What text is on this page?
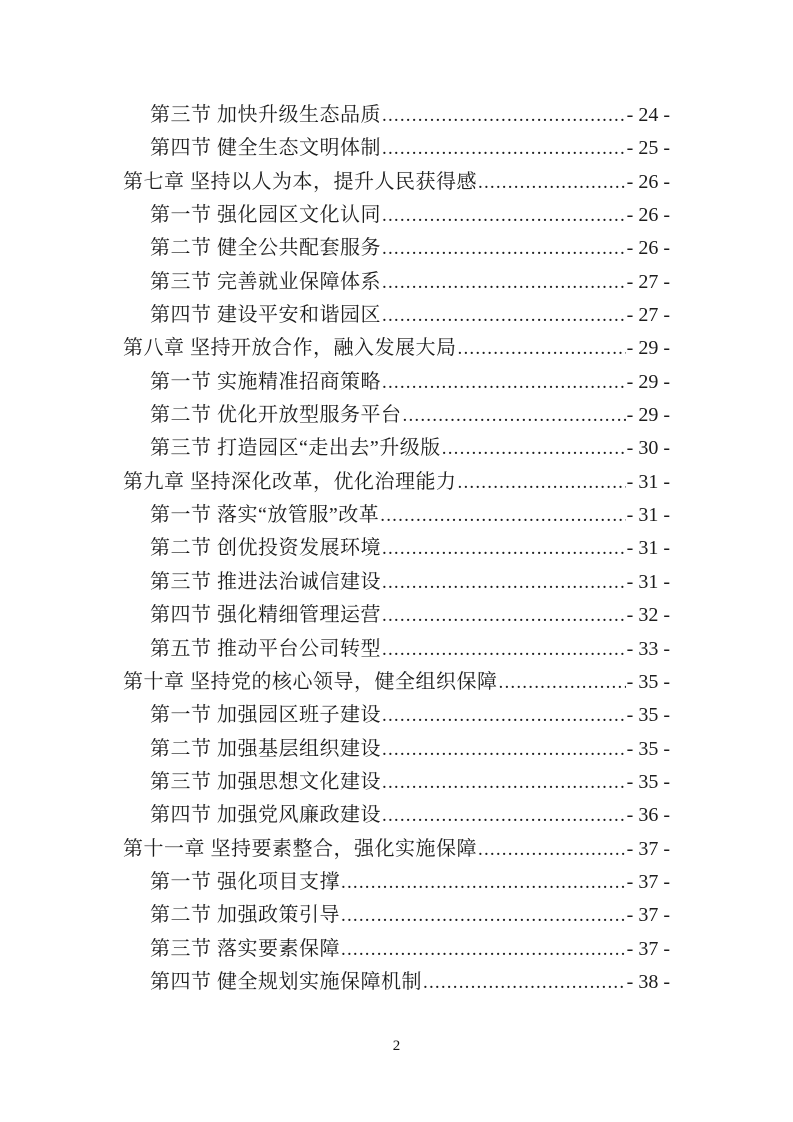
第三节 加快升级生态品质 .....	- 24 -
第四节 健全生态文明体制 .....	- 25 -
第七章 坚持以人为本，提升人民获得感 .....	- 26 -
第一节 强化园区文化认同 .....	- 26 -
第二节 健全公共配套服务 .....	- 26 -
第三节 完善就业保障体系 .....	- 27 -
第四节 建设平安和谐园区 .....	- 27 -
第八章 坚持开放合作，融入发展大局 .....	- 29 -
第一节 实施精准招商策略 .....	- 29 -
第二节 优化开放型服务平台 .....	- 29 -
第三节 打造园区“走出去”升级版 .....	- 30 -
第九章 坚持深化改革，优化治理能力 .....	- 31 -
第一节 落实“放管服”改革 .....	- 31 -
第二节 创优投资发展环境 .....	- 31 -
第三节 推进法治诚信建设 .....	- 31 -
第四节 强化精细管理运营 .....	- 32 -
第五节 推动平台公司转型 .....	- 33 -
第十章 坚持党的核心领导，健全组织保障 .....	- 35 -
第一节 加强园区班子建设 .....	- 35 -
第二节 加强基层组织建设 .....	- 35 -
第三节 加强思想文化建设 .....	- 35 -
第四节 加强党风廉政建设 .....	- 36 -
第十一章 坚持要素整合，强化实施保障 .....	- 37 -
第一节 强化项目支撑 .....	- 37 -
第二节 加强政策引导 .....	- 37 -
第三节 落实要素保障 .....	- 37 -
第四节 健全规划实施保障机制 .....	- 38 -
2
